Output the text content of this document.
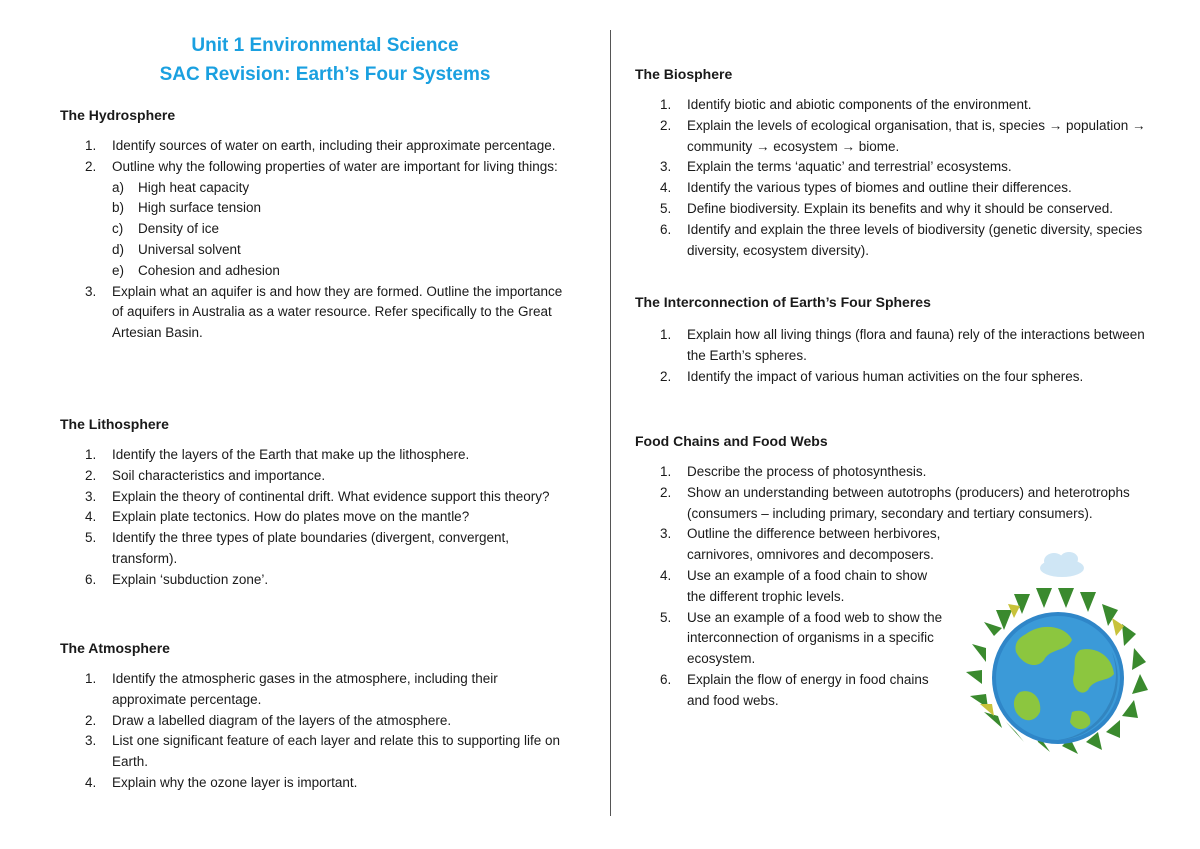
Unit 1 Environmental Science
SAC Revision: Earth’s Four Systems
The Hydrosphere
1. Identify sources of water on earth, including their approximate percentage.
2. Outline why the following properties of water are important for living things:
a) High heat capacity
b) High surface tension
c) Density of ice
d) Universal solvent
e) Cohesion and adhesion
3. Explain what an aquifer is and how they are formed. Outline the importance of aquifers in Australia as a water resource. Refer specifically to the Great Artesian Basin.
The Lithosphere
1. Identify the layers of the Earth that make up the lithosphere.
2. Soil characteristics and importance.
3. Explain the theory of continental drift. What evidence support this theory?
4. Explain plate tectonics. How do plates move on the mantle?
5. Identify the three types of plate boundaries (divergent, convergent, transform).
6. Explain ‘subduction zone’.
The Atmosphere
1. Identify the atmospheric gases in the atmosphere, including their approximate percentage.
2. Draw a labelled diagram of the layers of the atmosphere.
3. List one significant feature of each layer and relate this to supporting life on Earth.
4. Explain why the ozone layer is important.
The Biosphere
1. Identify biotic and abiotic components of the environment.
2. Explain the levels of ecological organisation, that is, species → population → community → ecosystem → biome.
3. Explain the terms ‘aquatic’ and terrestrial’ ecosystems.
4. Identify the various types of biomes and outline their differences.
5. Define biodiversity. Explain its benefits and why it should be conserved.
6. Identify and explain the three levels of biodiversity (genetic diversity, species diversity, ecosystem diversity).
The Interconnection of Earth’s Four Spheres
1. Explain how all living things (flora and fauna) rely of the interactions between the Earth’s spheres.
2. Identify the impact of various human activities on the four spheres.
Food Chains and Food Webs
1. Describe the process of photosynthesis.
2. Show an understanding between autotrophs (producers) and heterotrophs (consumers – including primary, secondary and tertiary consumers).
3. Outline the difference between herbivores, carnivores, omnivores and decomposers.
4. Use an example of a food chain to show the different trophic levels.
5. Use an example of a food web to show the interconnection of organisms in a specific ecosystem.
6. Explain the flow of energy in food chains and food webs.
